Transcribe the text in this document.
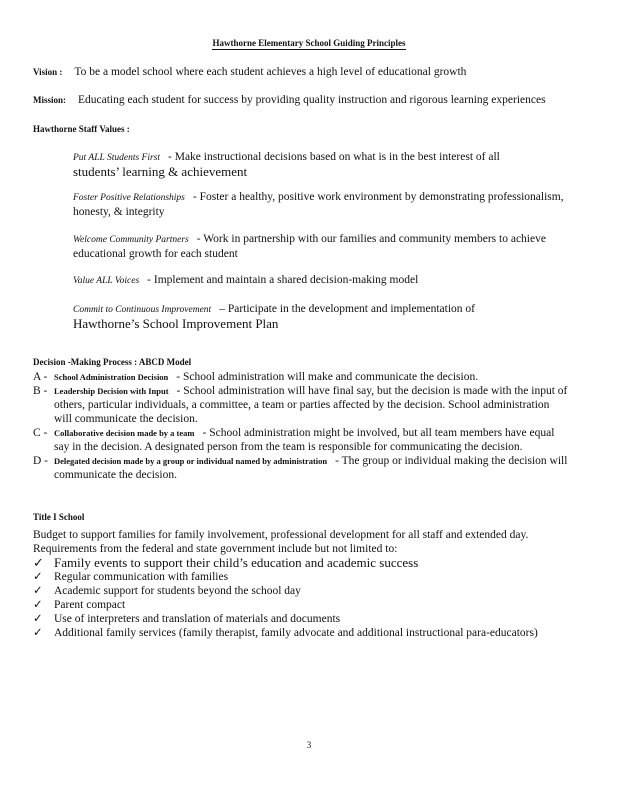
Hawthorne Elementary School Guiding Principles
Vision : To be a model school where each student achieves a high level of educational growth
Mission: Educating each student for success by providing quality instruction and rigorous learning experiences
Hawthorne Staff Values :
Put ALL Students First - Make instructional decisions based on what is in the best interest of all
students’ learning & achievement
Foster Positive Relationships - Foster a healthy, positive work environment by demonstrating professionalism, honesty, & integrity
Welcome Community Partners - Work in partnership with our families and community members to achieve educational growth for each student
Value ALL Voices - Implement and maintain a shared decision-making model
Commit to Continuous Improvement – Participate in the development and implementation of
Hawthorne’s School Improvement Plan
Decision -Making Process : ABCD Model
A - School Administration Decision - School administration will make and communicate the decision.
B - Leadership Decision with Input - School administration will have final say, but the decision is made with the input of others, particular individuals, a committee, a team or parties affected by the decision. School administration will communicate the decision.
C - Collaborative decision made by a team - School administration might be involved, but all team members have equal say in the decision. A designated person from the team is responsible for communicating the decision.
D - Delegated decision made by a group or individual named by administration - The group or individual making the decision will communicate the decision.
Title I School
Budget to support families for family involvement, professional development for all staff and extended day.
Requirements from the federal and state government include but not limited to:
✓ Family events to support their child’s education and academic success
✓ Regular communication with families
✓ Academic support for students beyond the school day
✓ Parent compact
✓ Use of interpreters and translation of materials and documents
✓ Additional family services (family therapist, family advocate and additional instructional para-educators)
3
